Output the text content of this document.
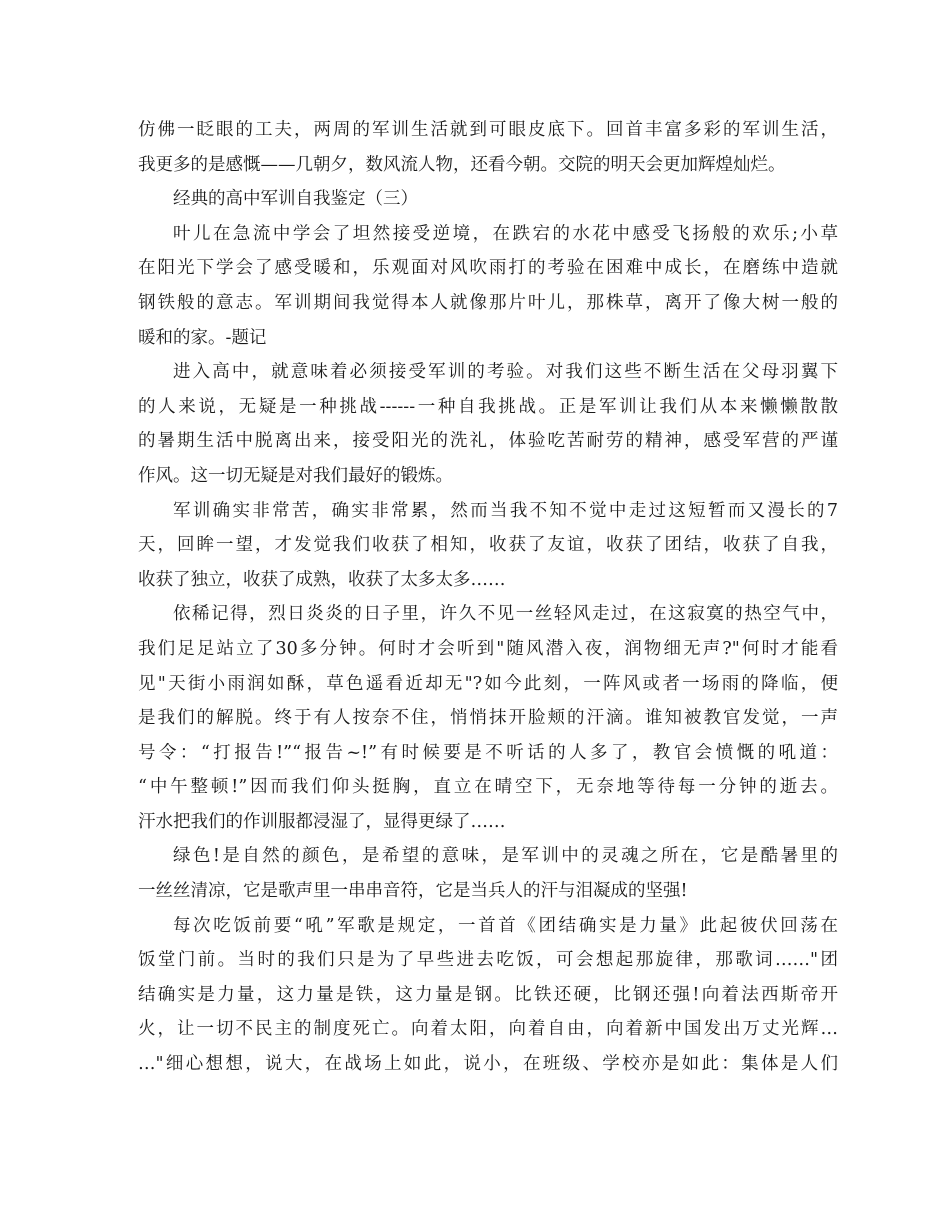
仿佛一眨眼的工夫，两周的军训生活就到可眼皮底下。回首丰富多彩的军训生活，
我更多的是感慨——几朝夕，数风流人物，还看今朝。交院的明天会更加辉煌灿烂。
经典的高中军训自我鉴定（三）
叶儿在急流中学会了坦然接受逆境，在跌宕的水花中感受飞扬般的欢乐;小草
在阳光下学会了感受暖和，乐观面对风吹雨打的考验在困难中成长，在磨练中造就
钢铁般的意志。军训期间我觉得本人就像那片叶儿，那株草，离开了像大树一般的
暖和的家。-题记
进入高中，就意味着必须接受军训的考验。对我们这些不断生活在父母羽翼下
的人来说，无疑是一种挑战------一种自我挑战。正是军训让我们从本来懒懒散散
的暑期生活中脱离出来，接受阳光的洗礼，体验吃苦耐劳的精神，感受军营的严谨
作风。这一切无疑是对我们最好的锻炼。
军训确实非常苦，确实非常累，然而当我不知不觉中走过这短暂而又漫长的7
天，回眸一望，才发觉我们收获了相知，收获了友谊，收获了团结，收获了自我，
收获了独立，收获了成熟，收获了太多太多……
依稀记得，烈日炎炎的日子里，许久不见一丝轻风走过，在这寂寞的热空气中，
我们足足站立了30多分钟。何时才会听到"随风潜入夜，润物细无声?"何时才能看
见"天街小雨润如酥，草色遥看近却无"?如今此刻，一阵风或者一场雨的降临，便
是我们的解脱。终于有人按奈不住，悄悄抹开脸颊的汗滴。谁知被教官发觉，一声
号令：“打报告!”“报告~!”有时候要是不听话的人多了，教官会愤慨的吼道：
“中午整顿!”因而我们仰头挺胸，直立在晴空下，无奈地等待每一分钟的逝去。
汗水把我们的作训服都浸湿了，显得更绿了……
绿色!是自然的颜色，是希望的意味，是军训中的灵魂之所在，它是酷暑里的
一丝丝清凉，它是歌声里一串串音符，它是当兵人的汗与泪凝成的坚强!
每次吃饭前要“吼”军歌是规定，一首首《团结确实是力量》此起彼伏回荡在
饭堂门前。当时的我们只是为了早些进去吃饭，可会想起那旋律，那歌词……"团
结确实是力量，这力量是铁，这力量是钢。比铁还硬，比钢还强!向着法西斯帝开
火，让一切不民主的制度死亡。向着太阳，向着自由，向着新中国发出万丈光辉…
…"细心想想，说大，在战场上如此，说小，在班级、学校亦是如此：集体是人们
